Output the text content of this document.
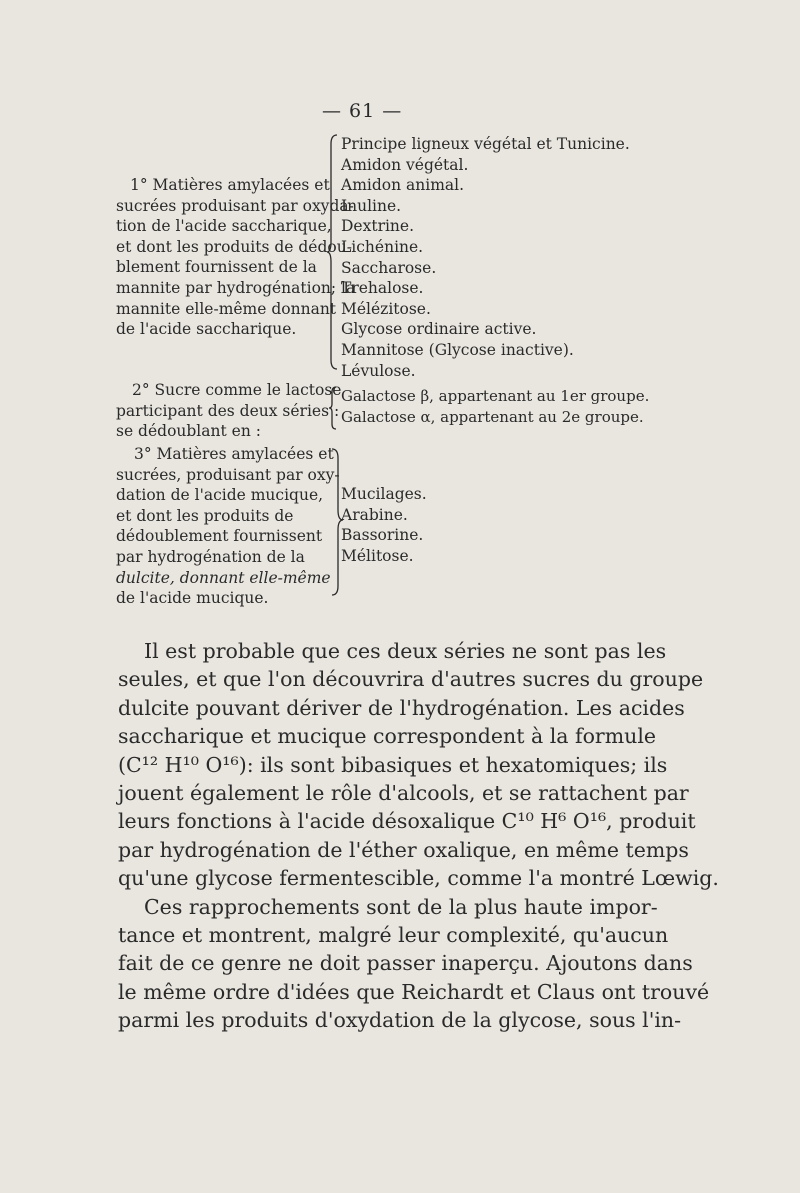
— 61 —
1° Matières amylacées et
sucrées produisant par oxyda-
tion de l'acide saccharique,
et dont les produits de dédou-
blement fournissent de la
mannite par hydrogénation; la
mannite elle-même donnant
de l'acide saccharique.
Principe ligneux végétal et Tunicine.
Amidon végétal.
Amidon animal.
Inuline.
Dextrine.
Lichénine.
Saccharose.
Trehalose.
Mélézitose.
Glycose ordinaire active.
Mannitose (Glycose inactive).
Lévulose.
2° Sucre comme le lactose
participant des deux séries :
se dédoublant en :
Galactose β, appartenant au 1er groupe.
Galactose α, appartenant au 2e groupe.
3° Matières amylacées et
sucrées, produisant par oxy-
dation de l'acide mucique,
et dont les produits de
dédoublement fournissent
par hydrogénation de la
dulcite, donnant elle-même
de l'acide mucique.
Mucilages.
Arabine.
Bassorine.
Mélitose.

Il est probable que ces deux séries ne sont pas les
seules, et que l'on découvrira d'autres sucres du groupe
dulcite pouvant dériver de l'hydrogénation. Les acides
saccharique et mucique correspondent à la formule
(C¹² H¹⁰ O¹⁶): ils sont bibasiques et hexatomiques; ils
jouent également le rôle d'alcools, et se rattachent par
leurs fonctions à l'acide désoxalique C¹⁰ H⁶ O¹⁶, produit
par hydrogénation de l'éther oxalique, en même temps
qu'une glycose fermentescible, comme l'a montré Lœwig.

Ces rapprochements sont de la plus haute impor-
tance et montrent, malgré leur complexité, qu'aucun
fait de ce genre ne doit passer inaperçu. Ajoutons dans
le même ordre d'idées que Reichardt et Claus ont trouvé
parmi les produits d'oxydation de la glycose, sous l'in-
